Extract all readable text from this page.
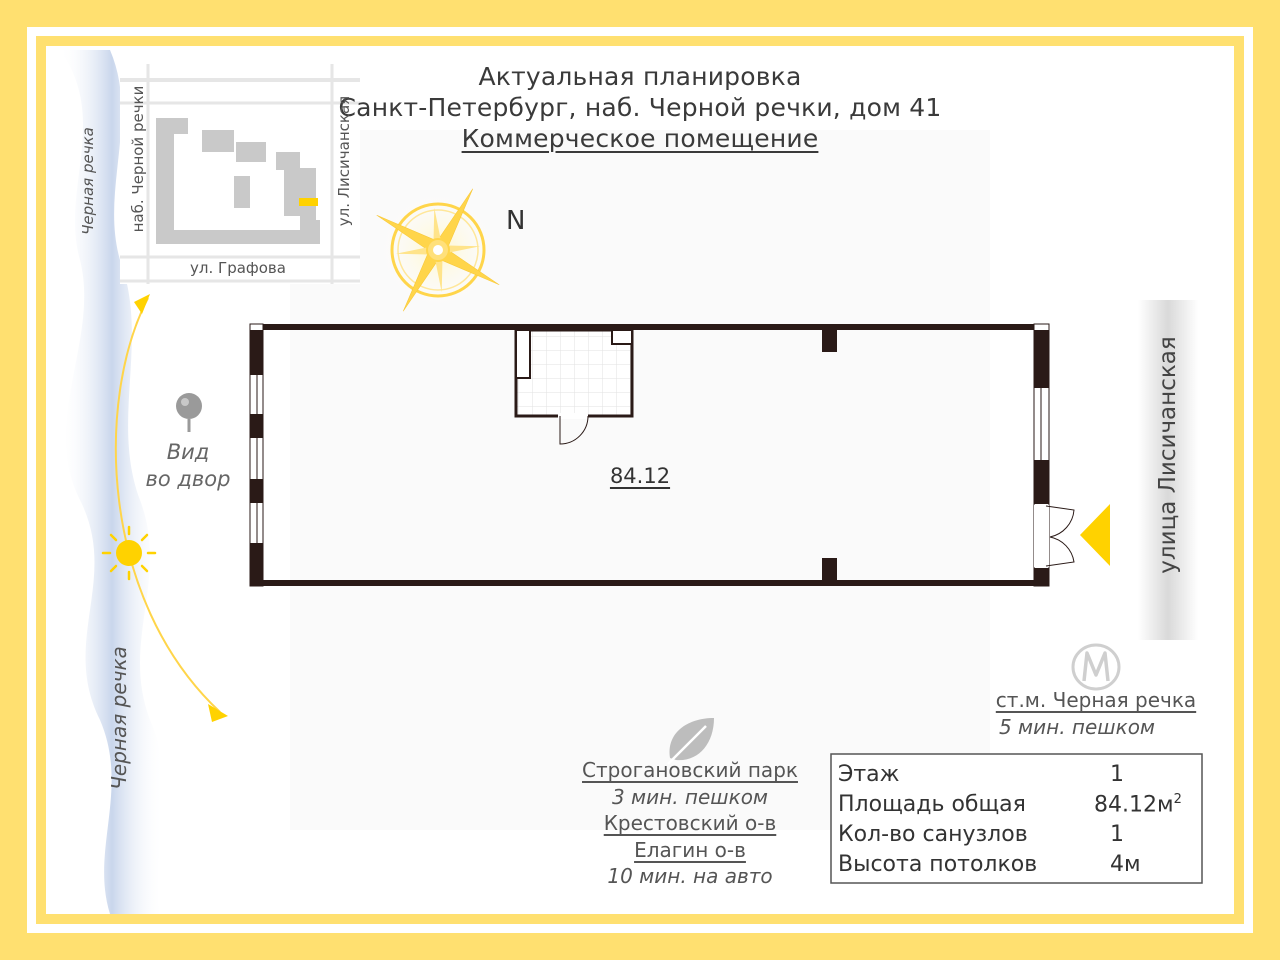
Актуальная планировка
Санкт-Петербург, наб. Черной речки, дом 41
Коммерческое помещение
наб. Черной речки	ул. Лисичанская
ул. Графова
Черная речка	N
84.12
Вид
во двор
Черная речка
улица Лисичанская
ст.м. Черная речка
5 мин. пешком
Строгановский парк
3 мин. пешком
Крестовский о-в
Елагин о-в
10 мин. на авто
Этаж	1
Площадь общая	$84.12м^2$
Кол-во санузлов	1
Высота потолков	4м
